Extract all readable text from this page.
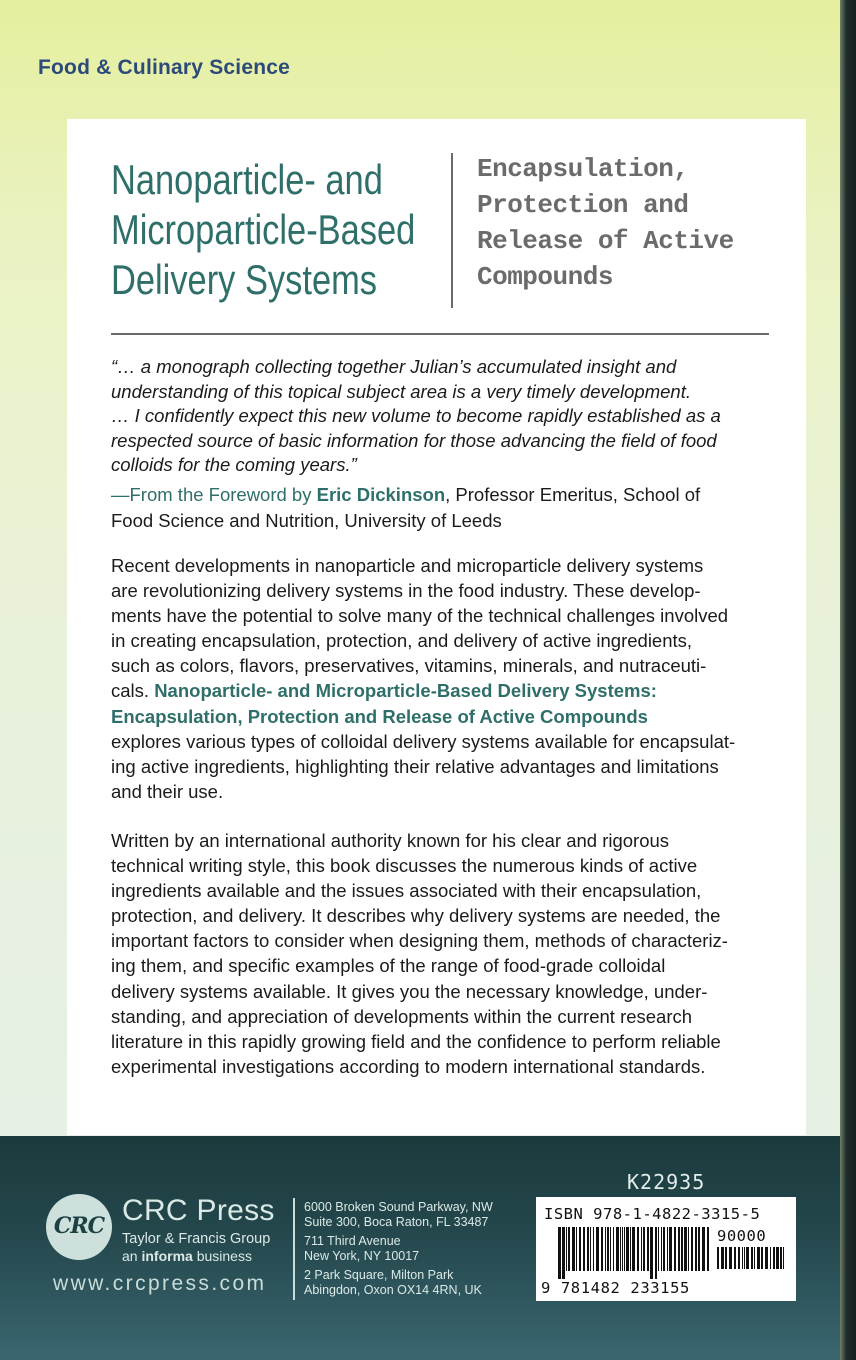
Food & Culinary Science
Nanoparticle- and
Microparticle-Based
Delivery Systems
Encapsulation,
Protection and
Release of Active
Compounds
“… a monograph collecting together Julian’s accumulated insight and
understanding of this topical subject area is a very timely development.
… I confidently expect this new volume to become rapidly established as a
respected source of basic information for those advancing the field of food
colloids for the coming years.”
—From the Foreword by Eric Dickinson, Professor Emeritus, School of
Food Science and Nutrition, University of Leeds
Recent developments in nanoparticle and microparticle delivery systems
are revolutionizing delivery systems in the food industry. These develop-
ments have the potential to solve many of the technical challenges involved
in creating encapsulation, protection, and delivery of active ingredients,
such as colors, flavors, preservatives, vitamins, minerals, and nutraceuti-
cals. Nanoparticle- and Microparticle-Based Delivery Systems:
Encapsulation, Protection and Release of Active Compounds
explores various types of colloidal delivery systems available for encapsulat-
ing active ingredients, highlighting their relative advantages and limitations
and their use.
Written by an international authority known for his clear and rigorous
technical writing style, this book discusses the numerous kinds of active
ingredients available and the issues associated with their encapsulation,
protection, and delivery. It describes why delivery systems are needed, the
important factors to consider when designing them, methods of characteriz-
ing them, and specific examples of the range of food-grade colloidal
delivery systems available. It gives you the necessary knowledge, under-
standing, and appreciation of developments within the current research
literature in this rapidly growing field and the confidence to perform reliable
experimental investigations according to modern international standards.
CRC CRC Press
Taylor & Francis Group
an informa business
www.crcpress.com
6000 Broken Sound Parkway, NW
Suite 300, Boca Raton, FL 33487
711 Third Avenue
New York, NY 10017
2 Park Square, Milton Park
Abingdon, Oxon OX14 4RN, UK
K22935
ISBN 978-1-4822-3315-5
90000
9 781482 233155
